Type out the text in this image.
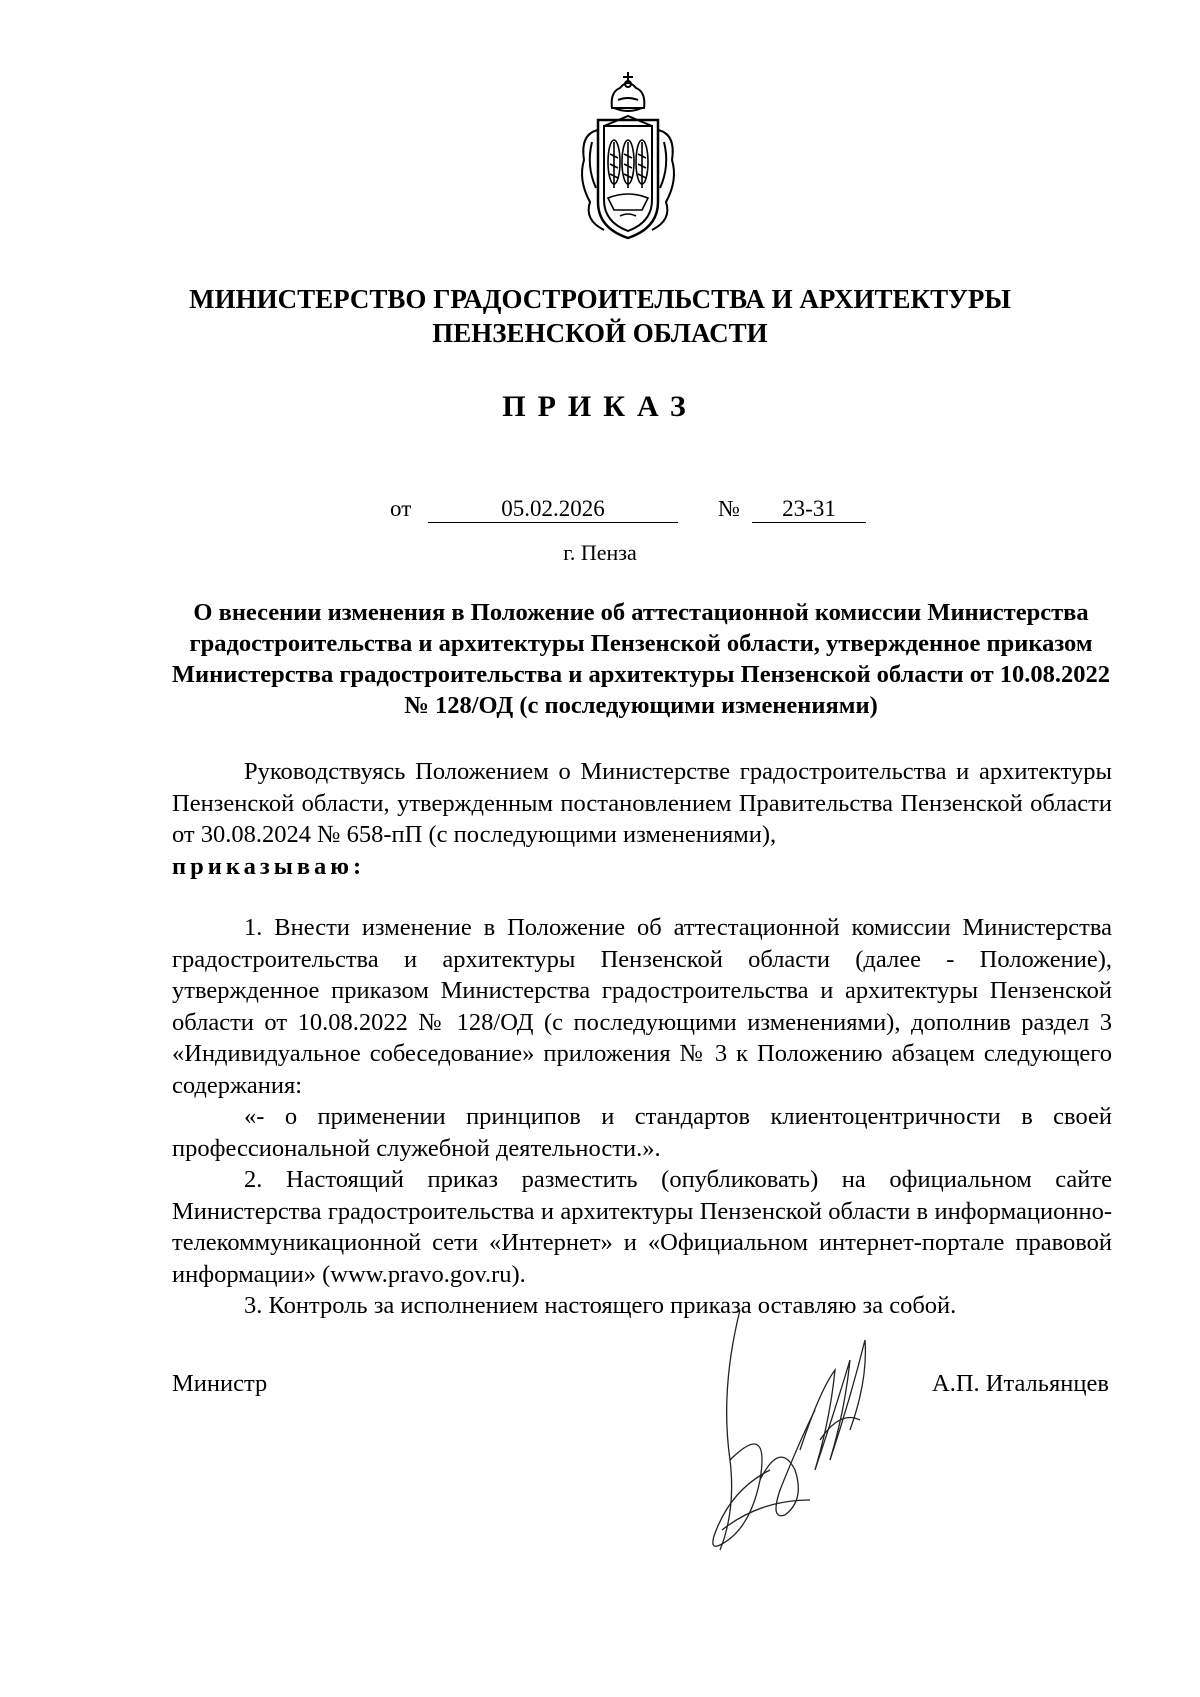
МИНИСТЕРСТВО ГРАДОСТРОИТЕЛЬСТВА И АРХИТЕКТУРЫ
ПЕНЗЕНСКОЙ ОБЛАСТИ
ПРИКАЗ
от	05.02.2026	№	23-31
г. Пенза
О внесении изменения в Положение об аттестационной комиссии Министерства градостроительства и архитектуры Пензенской области, утвержденное приказом Министерства градостроительства и архитектуры Пензенской области от 10.08.2022 № 128/ОД (с последующими изменениями)

Руководствуясь Положением о Министерстве градостроительства и архитектуры Пензенской области, утвержденным постановлением Правительства Пензенской области от 30.08.2024 № 658-пП (с последующими изменениями),
приказываю:

1. Внести изменение в Положение об аттестационной комиссии Министерства градостроительства и архитектуры Пензенской области (далее - Положение), утвержденное приказом Министерства градостроительства и архитектуры Пензенской области от 10.08.2022 № 128/ОД (с последующими изменениями), дополнив раздел 3 «Индивидуальное собеседование» приложения № 3 к Положению абзацем следующего содержания:

«- о применении принципов и стандартов клиентоцентричности в своей профессиональной служебной деятельности.».

2. Настоящий приказ разместить (опубликовать) на официальном сайте Министерства градостроительства и архитектуры Пензенской области в информационно-телекоммуникационной сети «Интернет» и «Официальном интернет-портале правовой информации» (www.pravo.gov.ru).

3. Контроль за исполнением настоящего приказа оставляю за собой.

Министр	А.П. Итальянцев
